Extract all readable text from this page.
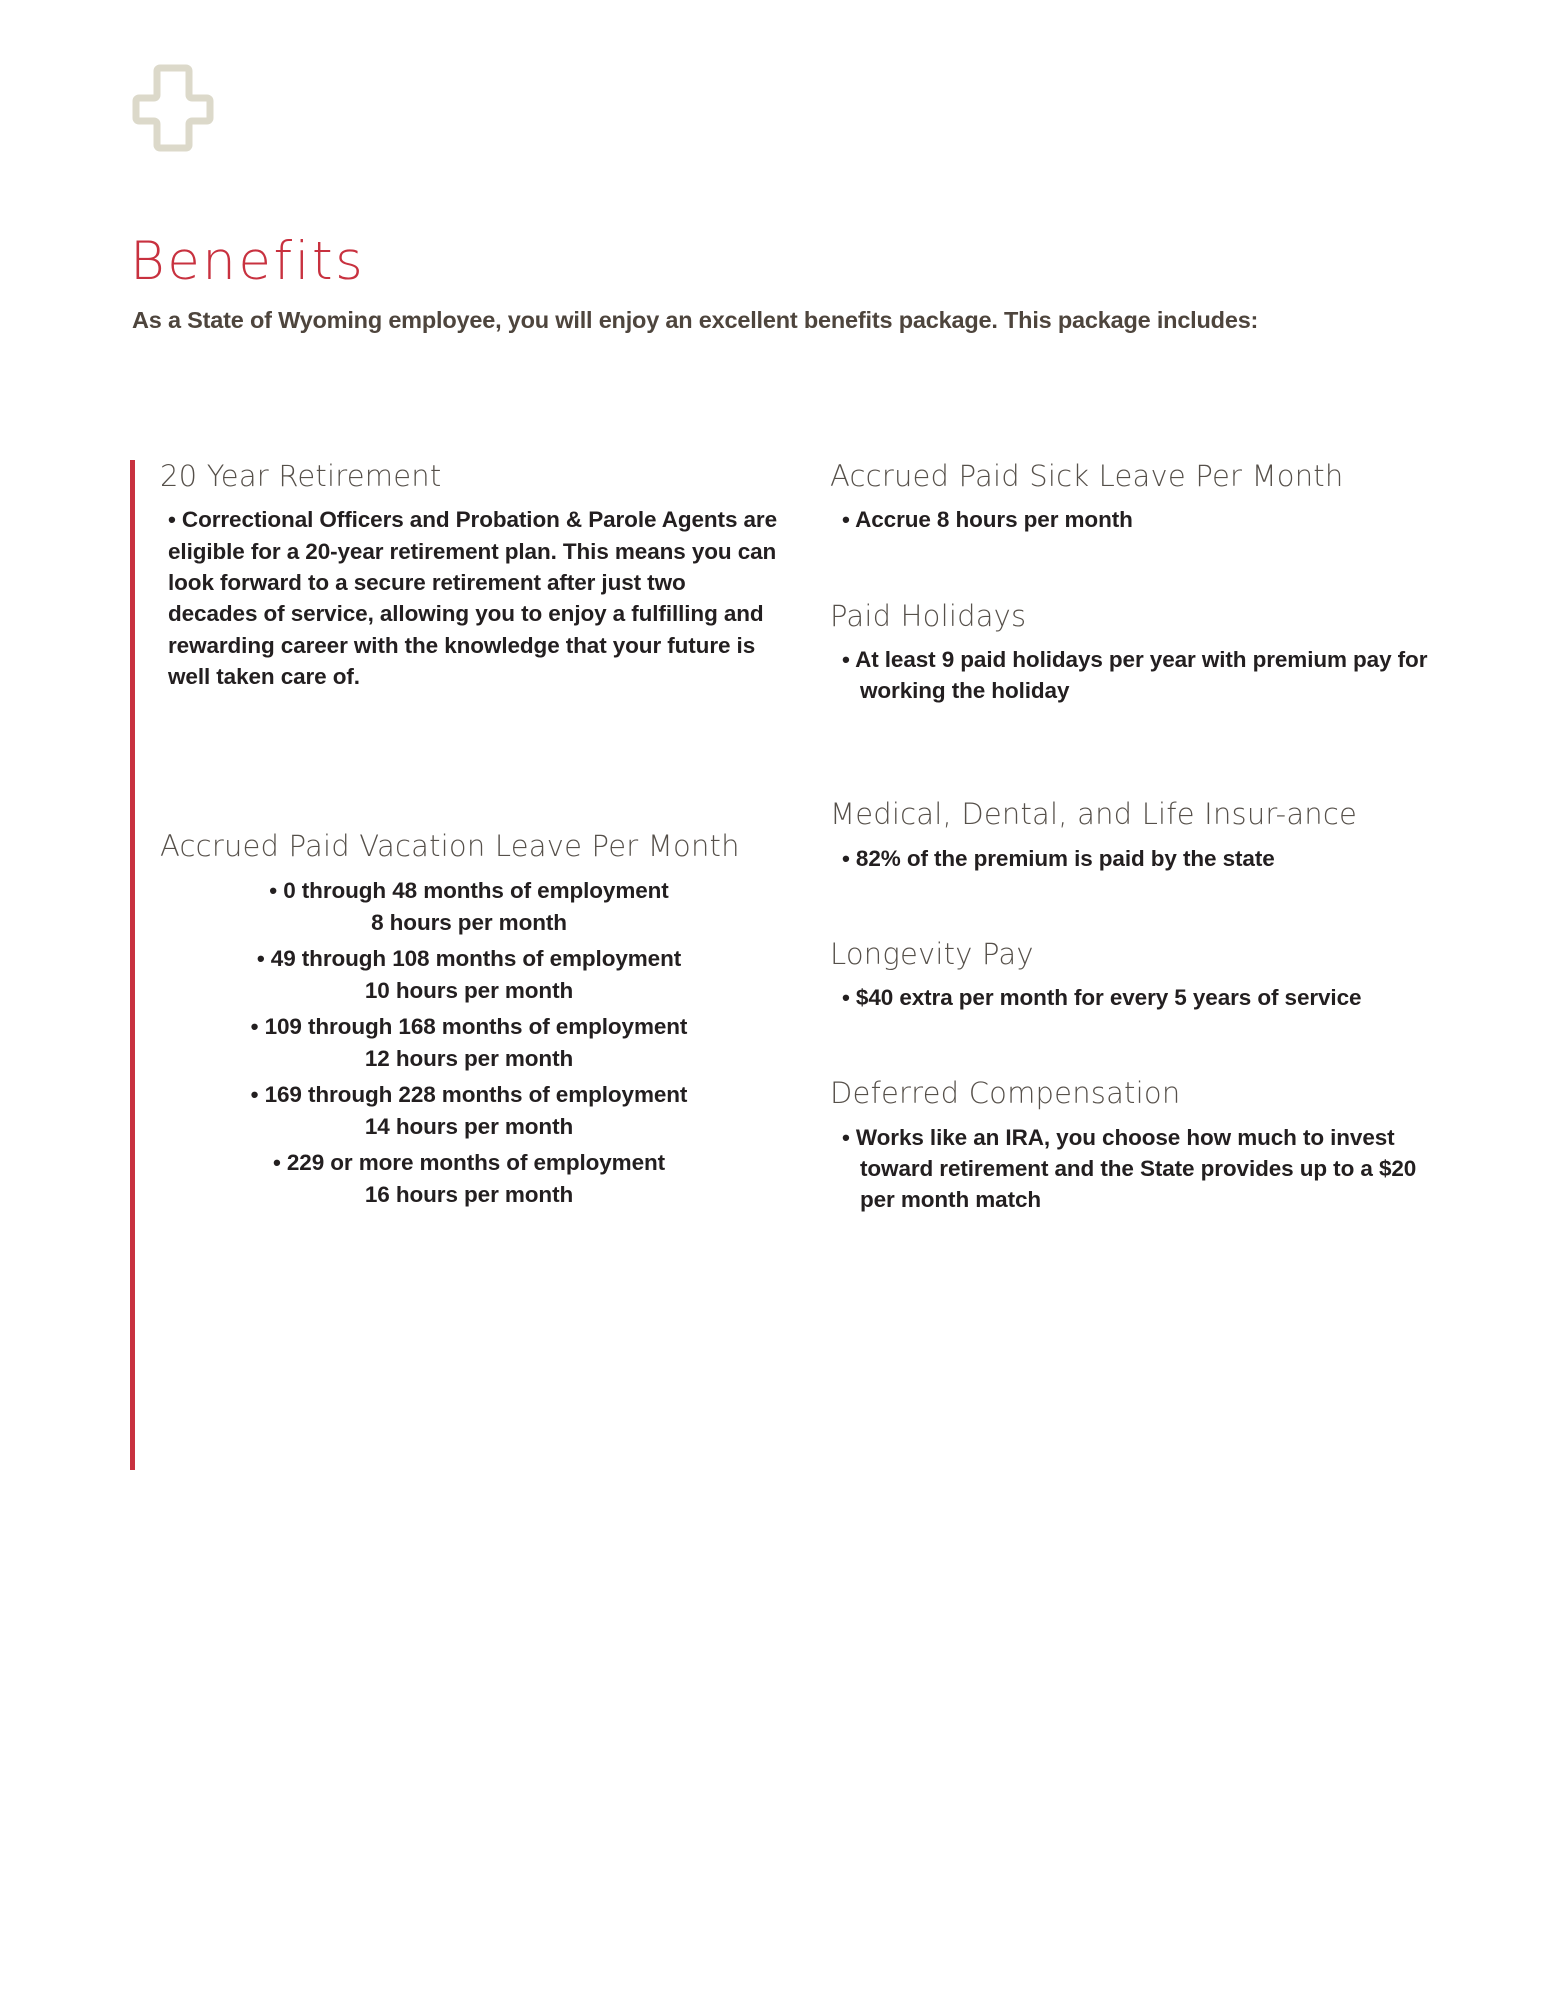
Benefits

As a State of Wyoming employee, you will enjoy an excellent benefits package. This package includes:

20 Year Retirement

• Correctional Officers and Probation & Parole Agents are eligible for a 20-year retirement plan. This means you can look forward to a secure retirement after just two decades of service, allowing you to enjoy a fulfilling and rewarding career with the knowledge that your future is well taken care of.

Accrued Paid Vacation Leave Per Month
• 0 through 48 months of employment
8 hours per month
• 49 through 108 months of employment
10 hours per month
• 109 through 168 months of employment
12 hours per month
• 169 through 228 months of employment
14 hours per month
• 229 or more months of employment
16 hours per month
Accrued Paid Sick Leave Per Month
• Accrue 8 hours per month
Paid Holidays
• At least 9 paid holidays per year with premium pay for working the holiday
Medical, Dental, and Life Insur-ance
• 82% of the premium is paid by the state
Longevity Pay
• $40 extra per month for every 5 years of service
Deferred Compensation
• Works like an IRA, you choose how much to invest toward retirement and the State provides up to a $20 per month match
